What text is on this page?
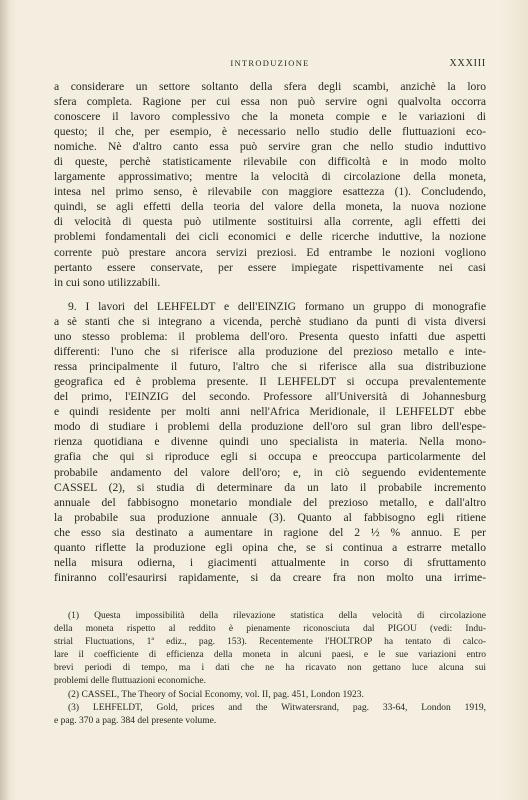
INTRODUZIONE	XXXIII
a considerare un settore soltanto della sfera degli scambi, anzichè la loro
sfera completa. Ragione per cui essa non può servire ogni qualvolta occorra
conoscere il lavoro complessivo che la moneta compie e le variazioni di
questo; il che, per esempio, è necessario nello studio delle fluttuazioni eco-
nomiche. Nè d'altro canto essa può servire gran che nello studio induttivo
di queste, perchè statisticamente rilevabile con difficoltà e in modo molto
largamente approssimativo; mentre la velocità di circolazione della moneta,
intesa nel primo senso, è rilevabile con maggiore esattezza (1). Concludendo,
quindi, se agli effetti della teoria del valore della moneta, la nuova nozione
di velocità di questa può utilmente sostituirsi alla corrente, agli effetti dei
problemi fondamentali dei cicli economici e delle ricerche induttive, la nozione
corrente può prestare ancora servizi preziosi. Ed entrambe le nozioni vogliono
pertanto essere conservate, per essere impiegate rispettivamente nei casi
in cui sono utilizzabili.
9. I lavori del LEHFELDT e dell'EINZIG formano un gruppo di monografie
a sè stanti che si integrano a vicenda, perchè studiano da punti di vista diversi
uno stesso problema: il problema dell'oro. Presenta questo infatti due aspetti
differenti: l'uno che si riferisce alla produzione del prezioso metallo e inte-
ressa principalmente il futuro, l'altro che si riferisce alla sua distribuzione
geografica ed è problema presente. Il LEHFELDT si occupa prevalentemente
del primo, l'EINZIG del secondo. Professore all'Università di Johannesburg
e quindi residente per molti anni nell'Africa Meridionale, il LEHFELDT ebbe
modo di studiare i problemi della produzione dell'oro sul gran libro dell'espe-
rienza quotidiana e divenne quindi uno specialista in materia. Nella mono-
grafia che qui si riproduce egli si occupa e preoccupa particolarmente del
probabile andamento del valore dell'oro; e, in ciò seguendo evidentemente
CASSEL (2), si studia di determinare da un lato il probabile incremento
annuale del fabbisogno monetario mondiale del prezioso metallo, e dall'altro
la probabile sua produzione annuale (3). Quanto al fabbisogno egli ritiene
che esso sia destinato a aumentare in ragione del 2 ½ % annuo. E per
quanto riflette la produzione egli opina che, se si continua a estrarre metallo
nella misura odierna, i giacimenti attualmente in corso di sfruttamento
finiranno coll'esaurirsi rapidamente, si da creare fra non molto una irrime-
(1) Questa impossibilità della rilevazione statistica della velocità di circolazione
della moneta rispetto al reddito è pienamente riconosciuta dal PIGOU (vedi: Indu-
strial Fluctuations, 1ª ediz., pag. 153). Recentemente l'HOLTROP ha tentato di calco-
lare il coefficiente di efficienza della moneta in alcuni paesi, e le sue variazioni entro
brevi periodi di tempo, ma i dati che ne ha ricavato non gettano luce alcuna sui
problemi delle fluttuazioni economiche.
(2) CASSEL, The Theory of Social Economy, vol. II, pag. 451, London 1923.
(3) LEHFELDT, Gold, prices and the Witwatersrand, pag. 33-64, London 1919,
e pag. 370 a pag. 384 del presente volume.
